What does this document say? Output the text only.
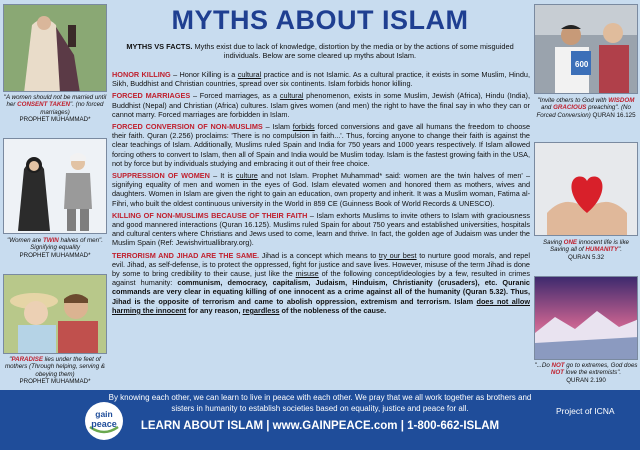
MYTHS ABOUT ISLAM
MYTHS VS FACTS. Myths exist due to lack of knowledge, distortion by the media or by the actions of some misguided individuals. Below are some cleared up myths about Islam.
HONOR KILLING – Honor Killing is a cultural practice and is not Islamic. As a cultural practice, it exists in some Muslim, Hindu, Sikh, Buddhist and Christian countries, spread over six continents. Islam forbids honor killing.
FORCED MARRIAGES – Forced marriages, as a cultural phenomenon, exists in some Muslim, Jewish (Africa), Hindu (India), Buddhist (Nepal) and Christian (Africa) cultures. Islam gives women (and men) the right to have the final say in who they can or cannot marry. Forced marriages are forbidden in Islam.
FORCED CONVERSION OF NON-MUSLIMS – Islam forbids forced conversions and gave all humans the freedom to choose their faith. Quran (2.256) proclaims: 'There is no compulsion in faith...'. Thus, forcing anyone to change their faith is against the clear teachings of Islam. Additionally, Muslims ruled Spain and India for 750 years and 1000 years respectively. If Islam allowed forcing others to convert to Islam, then all of Spain and India would be Muslim today. Islam is the fastest growing faith in the USA, not by force but by individuals studying and embracing it out of their free choice.
SUPPRESSION OF WOMEN – It is culture and not Islam. Prophet Muhammad* said: women are the twin halves of men' – signifying equality of men and women in the eyes of God. Islam elevated women and honored them as mothers, wives and daughters. Women in Islam are given the right to gain an education, own property and inherit. It was a Muslim woman, Fatima al-Fihri, who built the oldest continuous university in the World in 859 CE (Guinness Book of World Records & UNESCO).
KILLING OF NON-MUSLIMS BECAUSE OF THEIR FAITH – Islam exhorts Muslims to invite others to Islam with graciousness and good mannered interactions (Quran 16.125). Muslims ruled Spain for about 750 years and established universities, hospitals and cultural centers where Christians and Jews used to come, learn and thrive. In fact, the golden age of Judaism was under the Muslim Spain (Ref: Jewishvirtuallibrary.org).
TERRORISM AND JIHAD ARE THE SAME. Jihad is a concept which means to try our best to nurture good morals, and repel evil. Jihad, as self-defense, is to protect the oppressed, fight for justice and save lives. However, misuse of the term Jihad is done by some to bring credibility to their cause, just like the misuse of the following concept/ideologies by a few, resulted in crimes against humanity: communism, democracy, capitalism, Judaism, Hinduism, Christianity (crusaders), etc. Quranic commands are very clear in equating killing of one innocent as a crime against all of the humanity (Quran 5.32). Thus, Jihad is the opposite of terrorism and came to abolish oppression, extremism and terrorism. Islam does not allow harming the innocent for any reason, regardless of the nobleness of the cause.
"A women should not be married until her CONSENT TAKEN". (no forced marriages)
PROPHET MUHAMMAD*
"Women are TWIN halves of men". Signifying equality
PROPHET MUHAMMAD*
"PARADISE lies under the feet of mothers (Through helping, serving & obeying them)
PROPHET MUHAMMAD*
600
"Invite others to God with WISDOM and GRACIOUS preaching". (No Forced Conversion) QURAN 16.125
Saving ONE innocent life is like Saving all of HUMANITY".
QURAN 5.32
"...Do NOT go to extremes, God does NOT love the extremists".
QURAN 2.190
By knowing each other, we can learn to live in peace with each other. We pray that we all work together as brothers and sisters in humanity to establish societies based on equality, justice and peace for all.
LEARN ABOUT ISLAM | www.GAINPEACE.com | 1-800-662-ISLAM
gain
peace
Project of ICNA
